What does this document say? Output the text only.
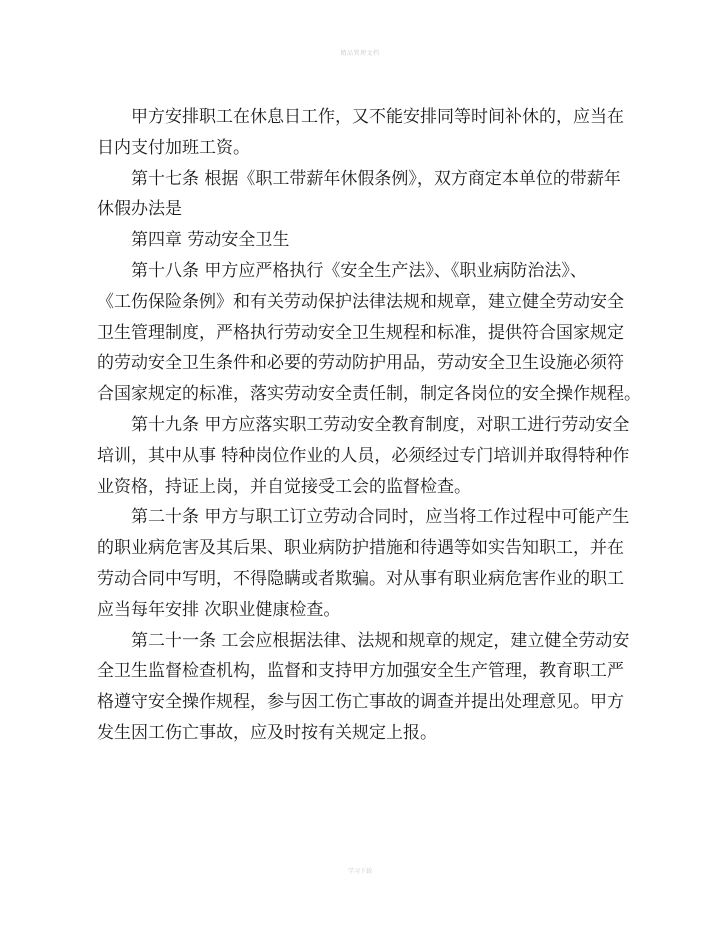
精品管理文档
甲方安排职工在休息日工作，又不能安排同等时间补休的，应当在
日内支付加班工资。
第十七条 根据《职工带薪年休假条例》，双方商定本单位的带薪年
休假办法是
第四章 劳动安全卫生
第十八条 甲方应严格执行《安全生产法》、《职业病防治法》、
《工伤保险条例》和有关劳动保护法律法规和规章，建立健全劳动安全
卫生管理制度，严格执行劳动安全卫生规程和标准，提供符合国家规定
的劳动安全卫生条件和必要的劳动防护用品，劳动安全卫生设施必须符
合国家规定的标准，落实劳动安全责任制，制定各岗位的安全操作规程。
第十九条 甲方应落实职工劳动安全教育制度，对职工进行劳动安全
培训，其中从事 特种岗位作业的人员，必须经过专门培训并取得特种作
业资格，持证上岗，并自觉接受工会的监督检查。
第二十条 甲方与职工订立劳动合同时，应当将工作过程中可能产生
的职业病危害及其后果、职业病防护措施和待遇等如实告知职工，并在
劳动合同中写明，不得隐瞒或者欺骗。对从事有职业病危害作业的职工
应当每年安排 次职业健康检查。
第二十一条 工会应根据法律、法规和规章的规定，建立健全劳动安
全卫生监督检查机构，监督和支持甲方加强安全生产管理，教育职工严
格遵守安全操作规程，参与因工伤亡事故的调查并提出处理意见。甲方
发生因工伤亡事故，应及时按有关规定上报。
学习下载
